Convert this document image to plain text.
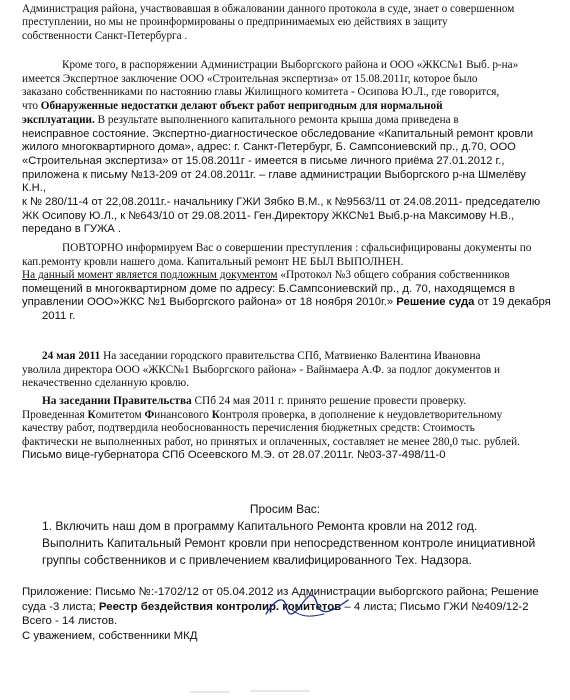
Администрация района, участвовавшая в обжаловании данного протокола в суде, знает о совершенном
преступлении, но мы не проинформированы о предпринимаемых ею действиях в защиту
собственности Санкт-Петербурга .
Кроме того, в распоряжении Администрации Выборгского района и ООО «ЖКС№1 Выб. р-на»
имеется Экспертное заключение ООО «Строительная экспертиза» от 15.08.2011г, которое было
заказано собственниками по настоянию главы Жилищного комитета - Осиповa Ю.Л., где говорится,
что Обнаруженные недостатки делают объект работ непригодным для нормальной
эксплуатации. В результате выполненного капитального ремонта крыша дома приведена в
неисправное состояние. Экспертно-диагностическое обследование «Капитальный ремонт кровли
жилого многоквартирного дома», адрес: г. Санкт-Петербург, Б. Сампсониевский пр., д.70, ООО
«Строительная экспертиза» от 15.08.2011г - имеется в письме личного приёма 27.01.2012 г.,
приложена к письму №13-209 от 24.08.2011г. – главе администрации Выборгского р-на Шмелёву К.Н.,
к № 280/11-4 от 22,08.2011г.- начальнику ГЖИ Зябко В.М., к №9563/11 от 24.08.2011- председателю
ЖК Осипову Ю.Л., к №643/10 от 29.08.2011- Ген.Директору ЖКС№1 Выб.р-на Максимову Н.В.,
передано в ГУЖА .
ПОВТОРНО информируем Вас о совершении преступления : сфальсифицированы документы по
кап.ремонту кровли нашего дома. Капитальный ремонт НЕ БЫЛ ВЫПОЛНЕН.
На данный момент является подложным документом «Протокол №3 общего собрания собственников
помещений в многоквартирном доме по адресу: Б.Сампсониевский пр., д. 70, находящемся в
управлении ООО»ЖКС №1 Выборгского района» от 18 ноября 2010г.» Решение суда от 19 декабря
2011 г.
24 мая 2011 На заседании городского правительства СПб, Матвиенко Валентина Ивановна
уволила директора ООО «ЖКС№1 Выборгского района» - Вайнмаерa А.Ф. за подлог документов и
некачественно сделанную кровлю.
На заседании Правительства СПб 24 мая 2011 г. принято решение провести проверку.
Проведенная Комитетом Финансового Контроля проверка, в дополнение к неудовлетворительному
качеству работ, подтвердила необоснованность перечисления бюджетных средств: Стоимость
фактически не выполненных работ, но принятых и оплаченных, составляет не менее 280,0 тыс. рублей.
Письмо вице-губернатора СПб Осеевского М.Э. от 28.07.2011г. №03-37-498/11-0
Просим Вас:
1. Включить наш дом в программу Капитального Ремонта кровли на 2012 год.
Выполнить Капитальный Ремонт кровли при непосредственном контроле инициативной
группы собственников и с привлечением квалифицированного Тех. Надзора.
Приложение: Письмо №:-1702/12 от 05.04.2012 из Администрации выборгского района; Решение
суда -3 листа; Реестр бездействия контролир. комитетов – 4 листа; Письмо ГЖИ №409/12-2
Всего - 14 листов.
С уважением, собственники МКД
